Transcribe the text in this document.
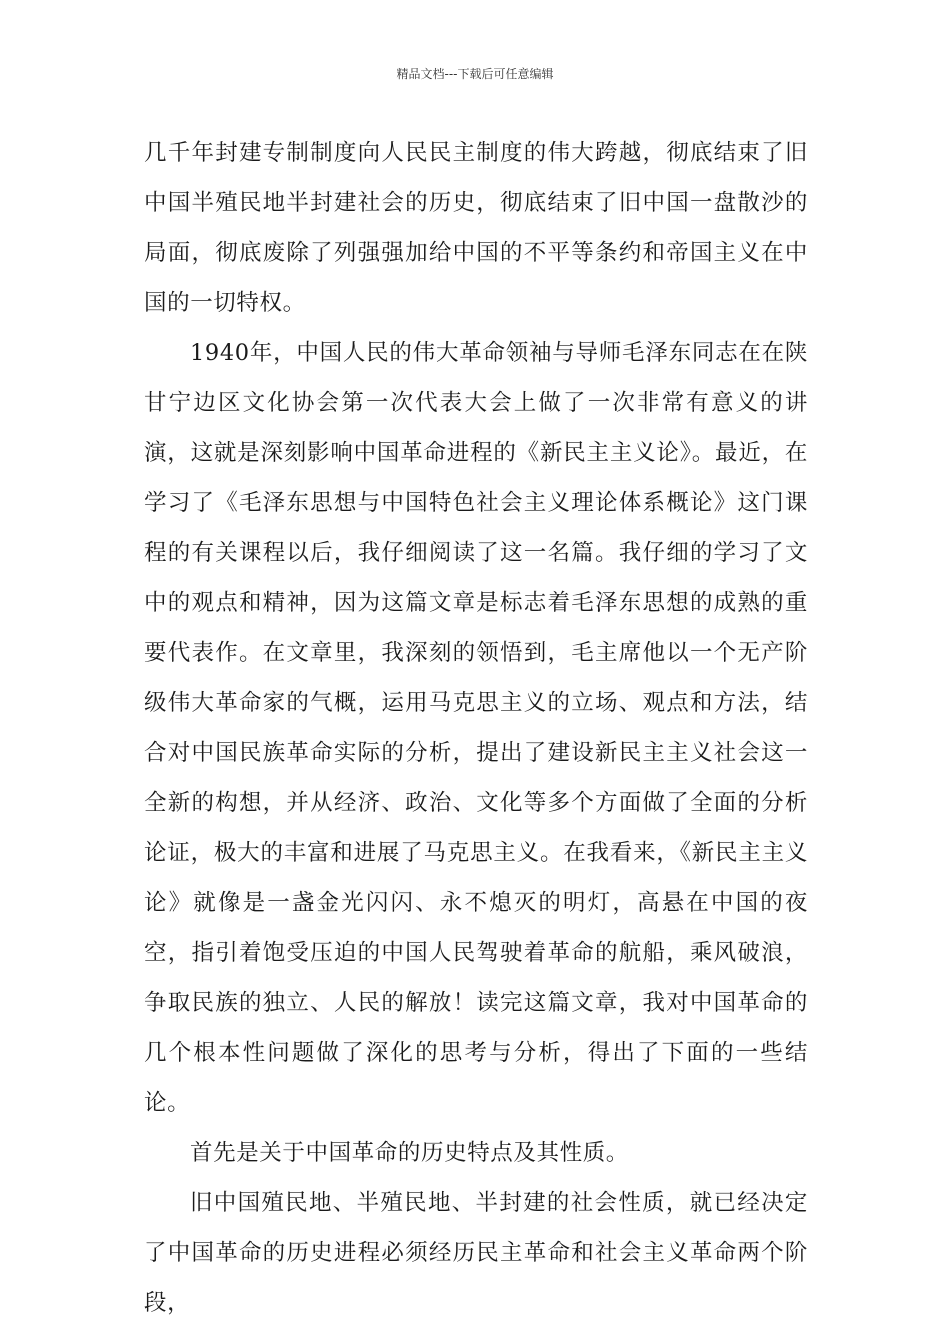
精品文档---下载后可任意编辑

几千年封建专制制度向人民民主制度的伟大跨越，彻底结束了旧中国半殖民地半封建社会的历史，彻底结束了旧中国一盘散沙的局面，彻底废除了列强强加给中国的不平等条约和帝国主义在中国的一切特权。

1940年，中国人民的伟大革命领袖与导师毛泽东同志在在陕甘宁边区文化协会第一次代表大会上做了一次非常有意义的讲演，这就是深刻影响中国革命进程的《新民主主义论》。最近，在学习了《毛泽东思想与中国特色社会主义理论体系概论》这门课程的有关课程以后，我仔细阅读了这一名篇。我仔细的学习了文中的观点和精神，因为这篇文章是标志着毛泽东思想的成熟的重要代表作。在文章里，我深刻的领悟到，毛主席他以一个无产阶级伟大革命家的气概，运用马克思主义的立场、观点和方法，结合对中国民族革命实际的分析，提出了建设新民主主义社会这一全新的构想，并从经济、政治、文化等多个方面做了全面的分析论证，极大的丰富和进展了马克思主义。在我看来，《新民主主义论》就像是一盏金光闪闪、永不熄灭的明灯，高悬在中国的夜空，指引着饱受压迫的中国人民驾驶着革命的航船，乘风破浪，争取民族的独立、人民的解放！读完这篇文章，我对中国革命的几个根本性问题做了深化的思考与分析，得出了下面的一些结论。

首先是关于中国革命的历史特点及其性质。

旧中国殖民地、半殖民地、半封建的社会性质，就已经决定了中国革命的历史进程必须经历民主革命和社会主义革命两个阶段，
